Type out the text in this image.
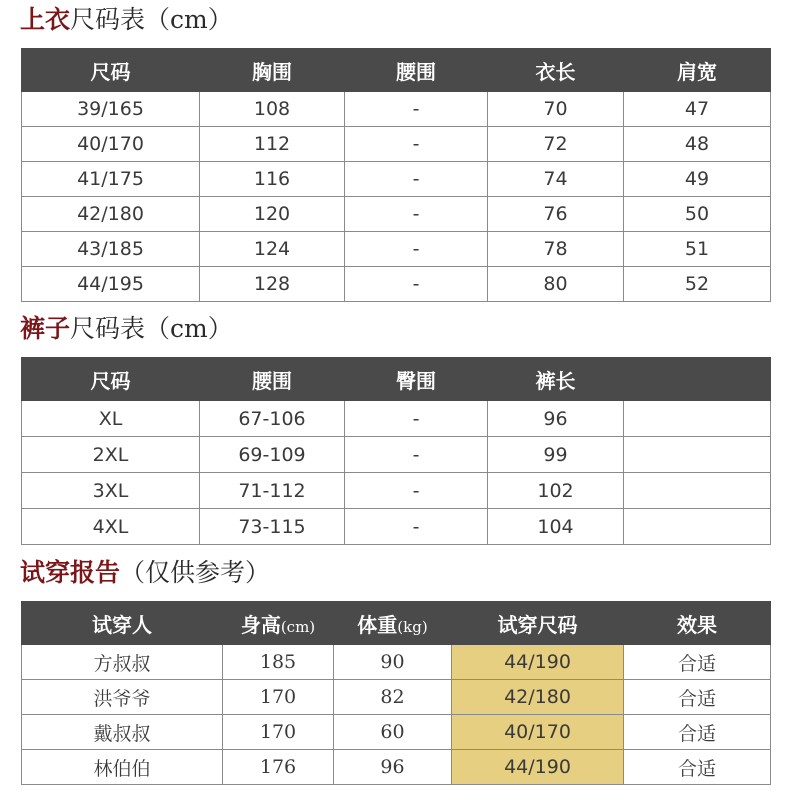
上衣尺码表（cm）
尺码	胸围	腰围	衣长	肩宽
39/165	108	-	70	47
40/170	112	-	72	48
41/175	116	-	74	49
42/180	120	-	76	50
43/185	124	-	78	51
44/195	128	-	80	52
裤子尺码表（cm）
尺码	腰围	臀围	裤长	
XL	67-106	-	96	
2XL	69-109	-	99	
3XL	71-112	-	102	
4XL	73-115	-	104	
试穿报告（仅供参考）
试穿人	身高(cm)	体重(kg)	试穿尺码	效果
方叔叔	185	90	44/190	合适
洪爷爷	170	82	42/180	合适
戴叔叔	170	60	40/170	合适
林伯伯	176	96	44/190	合适
